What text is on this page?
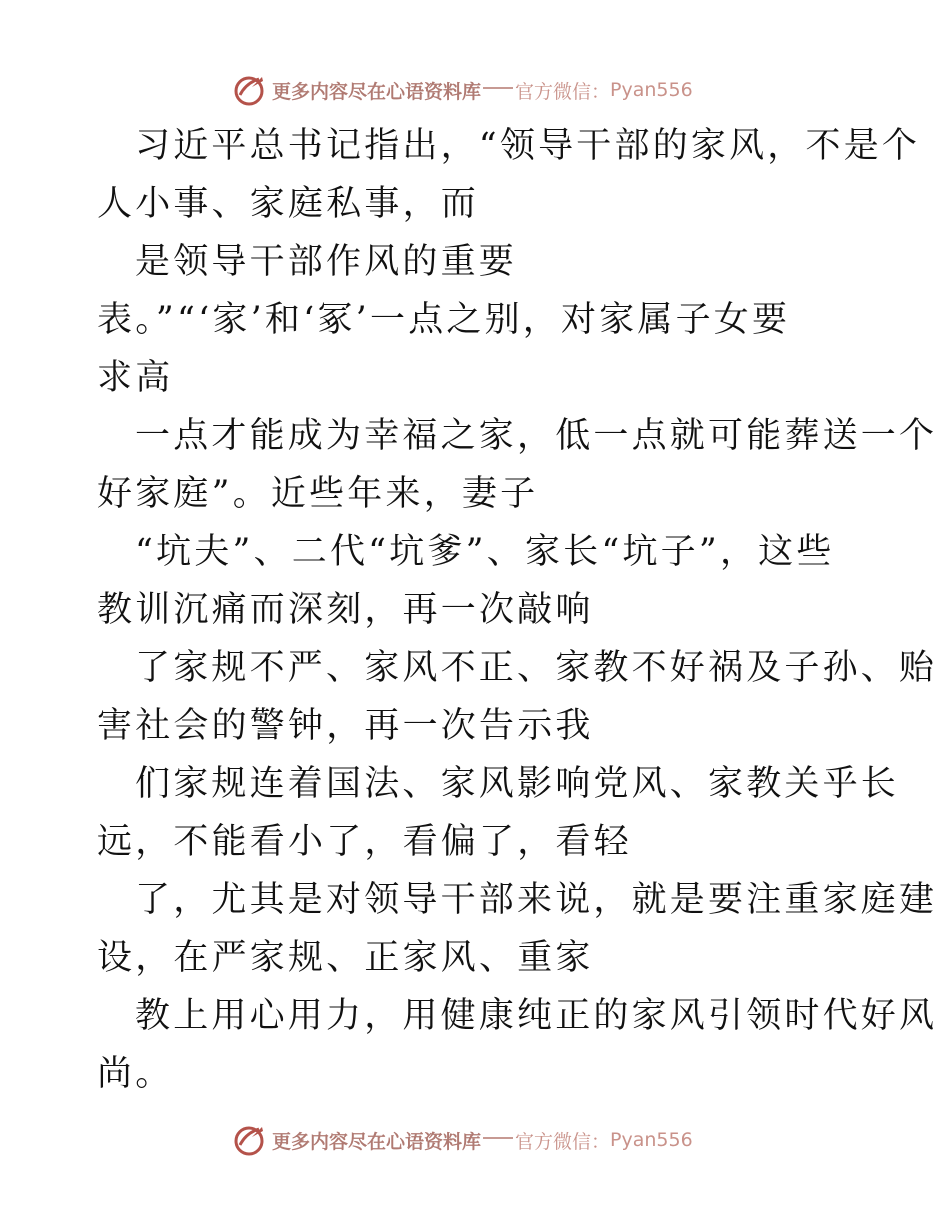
更多内容尽在心语资料库 官方微信： Pyan556
习近平总书记指出，“领导干部的家风，不是个
人小事、家庭私事，而
是领导干部作风的重要
表。”“‘家’和‘冢’一点之别，对家属子女要
求高
一点才能成为幸福之家，低一点就可能葬送一个
好家庭”。近些年来，妻子
“坑夫”、二代“坑爹”、家长“坑子”，这些
教训沉痛而深刻，再一次敲响
了家规不严、家风不正、家教不好祸及子孙、贻
害社会的警钟，再一次告示我
们家规连着国法、家风影响党风、家教关乎长
远，不能看小了，看偏了，看轻
了，尤其是对领导干部来说，就是要注重家庭建
设，在严家规、正家风、重家
教上用心用力，用健康纯正的家风引领时代好风
尚。
更多内容尽在心语资料库 官方微信： Pyan556
